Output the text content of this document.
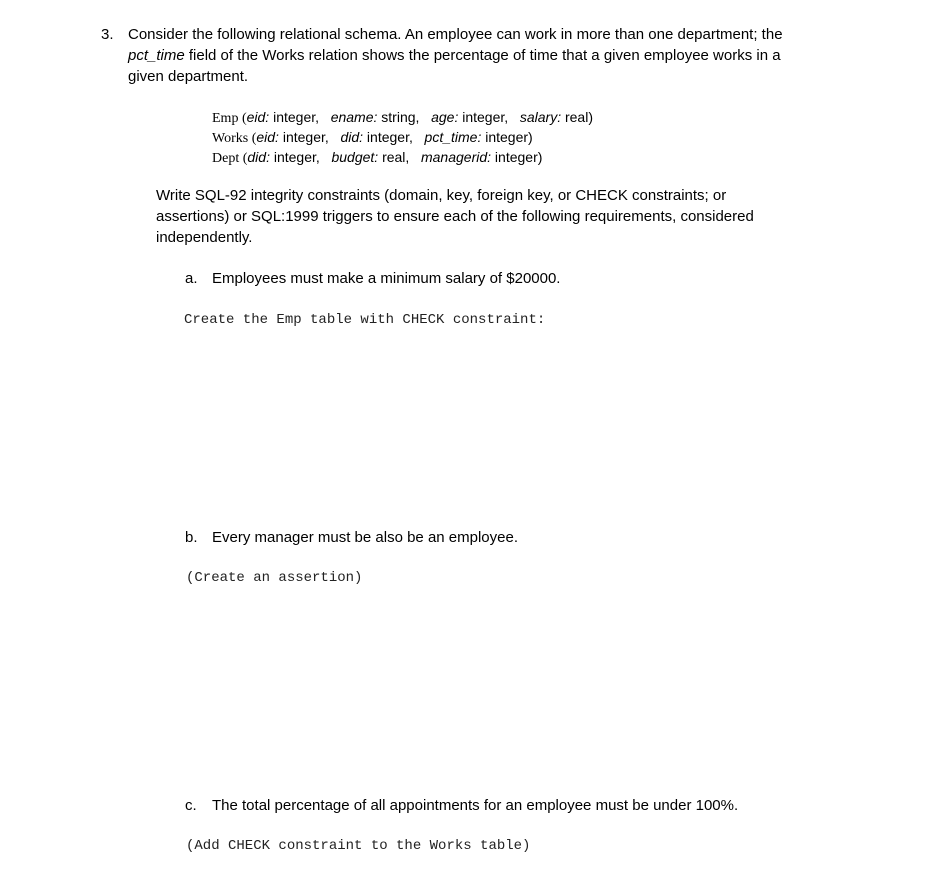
3. Consider the following relational schema. An employee can work in more than one department; the
pct_time field of the Works relation shows the percentage of time that a given employee works in a
given department.
Emp (eid: integer, ename: string, age: integer, salary: real)
Works (eid: integer, did: integer, pct_time: integer)
Dept (did: integer, budget: real, managerid: integer)
Write SQL-92 integrity constraints (domain, key, foreign key, or CHECK constraints; or
assertions) or SQL:1999 triggers to ensure each of the following requirements, considered
independently.
a. Employees must make a minimum salary of $20000.
Create the Emp table with CHECK constraint:
b. Every manager must be also be an employee.
(Create an assertion)
c. The total percentage of all appointments for an employee must be under 100%.
(Add CHECK constraint to the Works table)
